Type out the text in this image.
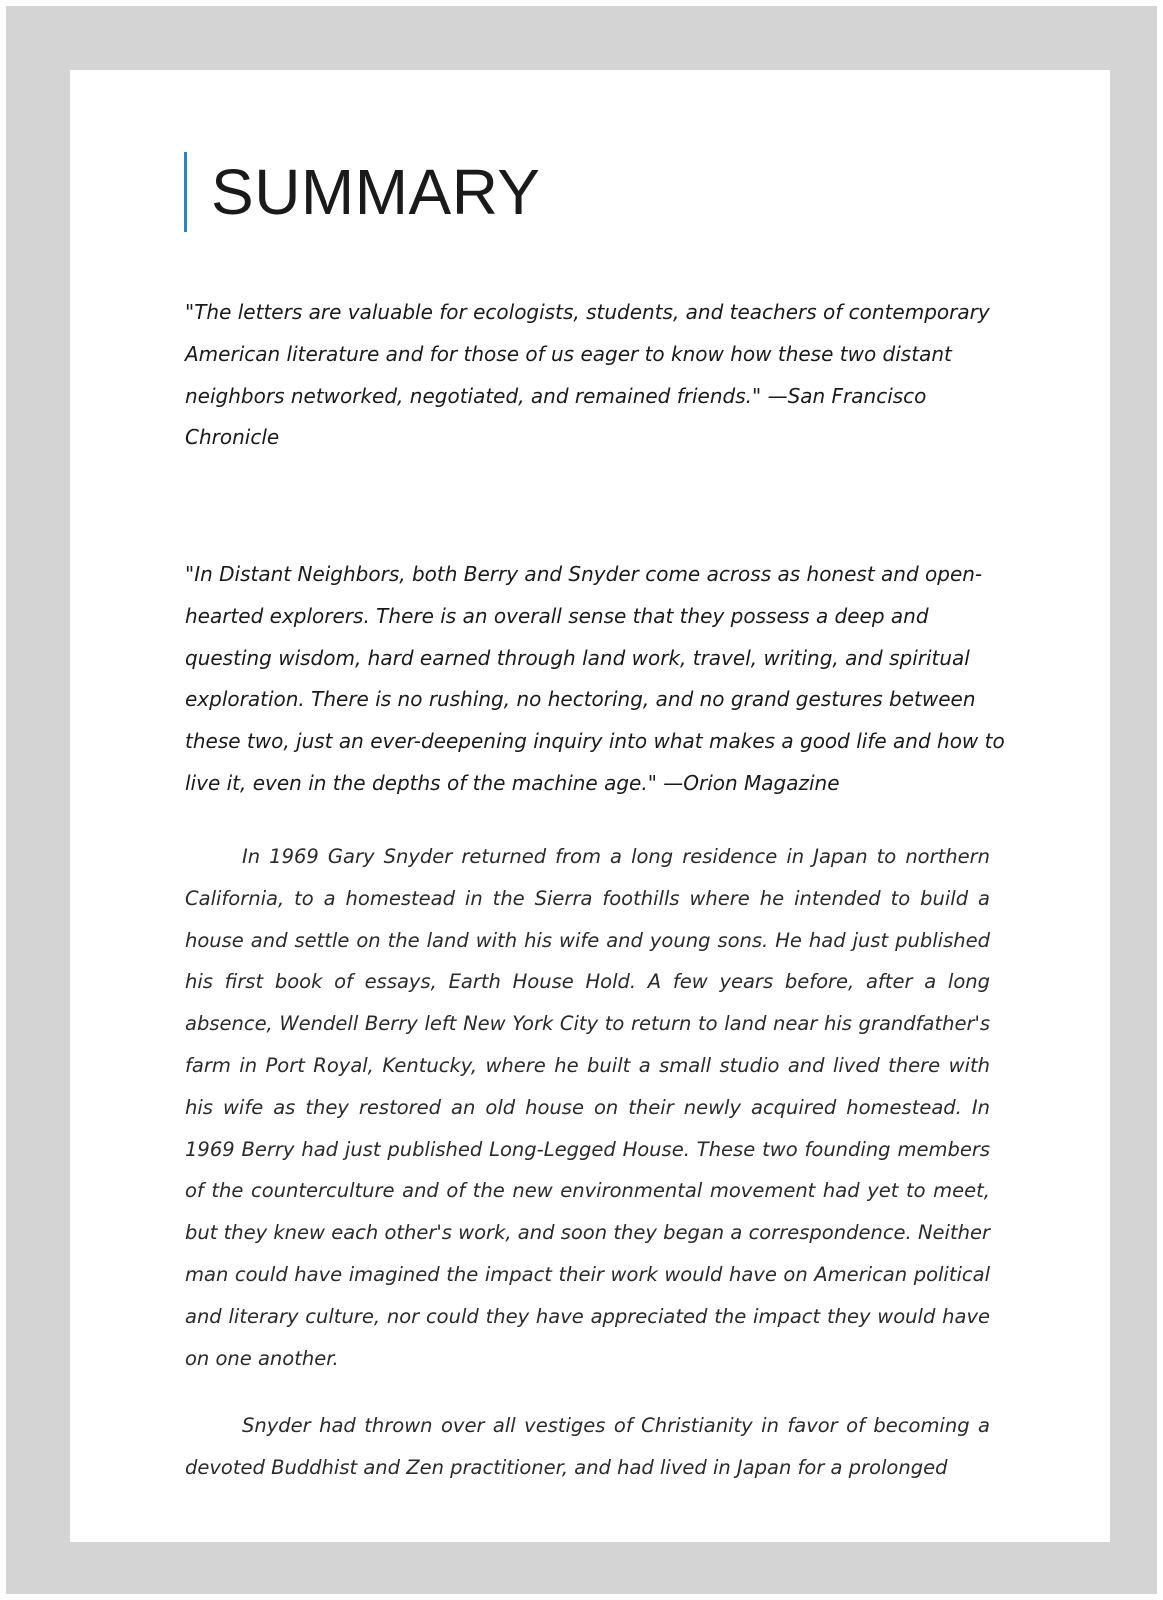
SUMMARY

"The letters are valuable for ecologists, students, and teachers of contemporary American literature and for those of us eager to know how these two distant neighbors networked, negotiated, and remained friends." —San Francisco Chronicle

"In Distant Neighbors, both Berry and Snyder come across as honest and open-hearted explorers. There is an overall sense that they possess a deep and questing wisdom, hard earned through land work, travel, writing, and spiritual exploration. There is no rushing, no hectoring, and no grand gestures between these two, just an ever-deepening inquiry into what makes a good life and how to live it, even in the depths of the machine age." —Orion Magazine

In 1969 Gary Snyder returned from a long residence in Japan to northern California, to a homestead in the Sierra foothills where he intended to build a house and settle on the land with his wife and young sons. He had just published his first book of essays, Earth House Hold. A few years before, after a long absence, Wendell Berry left New York City to return to land near his grandfather's farm in Port Royal, Kentucky, where he built a small studio and lived there with his wife as they restored an old house on their newly acquired homestead. In 1969 Berry had just published Long-Legged House. These two founding members of the counterculture and of the new environmental movement had yet to meet, but they knew each other's work, and soon they began a correspondence. Neither man could have imagined the impact their work would have on American political and literary culture, nor could they have appreciated the impact they would have on one another.

Snyder had thrown over all vestiges of Christianity in favor of becoming a devoted Buddhist and Zen practitioner, and had lived in Japan for a prolonged
